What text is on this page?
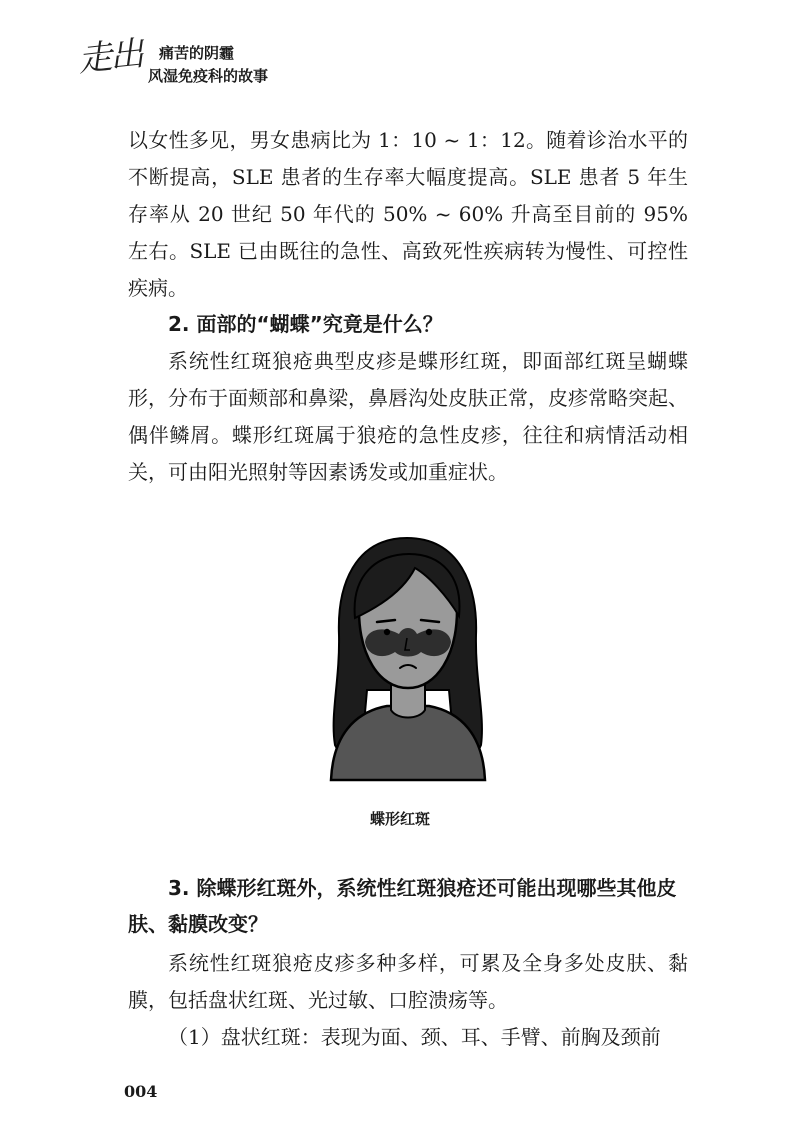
走出 痛苦的阴霾
风湿免疫科的故事
以女性多见，男女患病比为 1：10 ~ 1：12。随着诊治水平的不断提高，SLE 患者的生存率大幅度提高。SLE 患者 5 年生存率从 20 世纪 50 年代的 50% ~ 60% 升高至目前的 95% 左右。SLE 已由既往的急性、高致死性疾病转为慢性、可控性疾病。
2. 面部的“蝴蝶”究竟是什么？
系统性红斑狼疮典型皮疹是蝶形红斑，即面部红斑呈蝴蝶形，分布于面颊部和鼻梁，鼻唇沟处皮肤正常，皮疹常略突起、偶伴鳞屑。蝶形红斑属于狼疮的急性皮疹，往往和病情活动相关，可由阳光照射等因素诱发或加重症状。
蝶形红斑
3. 除蝶形红斑外，系统性红斑狼疮还可能出现哪些其他皮肤、黏膜改变？
系统性红斑狼疮皮疹多种多样，可累及全身多处皮肤、黏膜，包括盘状红斑、光过敏、口腔溃疡等。
（1）盘状红斑：表现为面、颈、耳、手臂、前胸及颈前
004
